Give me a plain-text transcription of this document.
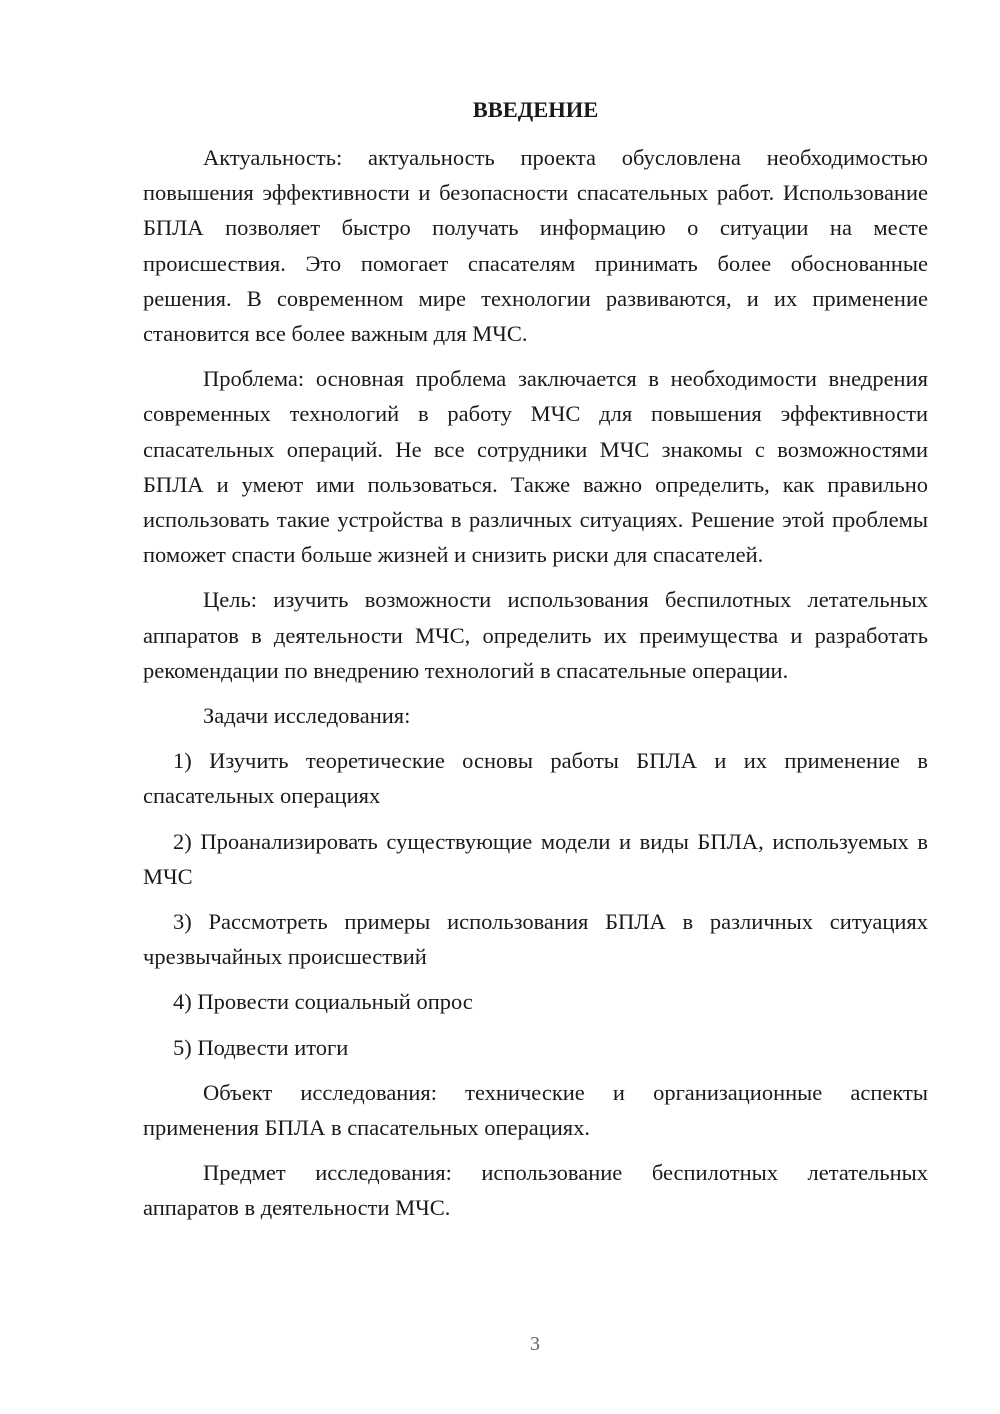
ВВЕДЕНИЕ

Актуальность: актуальность проекта обусловлена необходимостью повышения эффективности и безопасности спасательных работ. Использование БПЛА позволяет быстро получать информацию о ситуации на месте происшествия. Это помогает спасателям принимать более обоснованные решения. В современном мире технологии развиваются, и их применение становится все более важным для МЧС.

Проблема: основная проблема заключается в необходимости внедрения современных технологий в работу МЧС для повышения эффективности спасательных операций. Не все сотрудники МЧС знакомы с возможностями БПЛА и умеют ими пользоваться. Также важно определить, как правильно использовать такие устройства в различных ситуациях. Решение этой проблемы поможет спасти больше жизней и снизить риски для спасателей.

Цель: изучить возможности использования беспилотных летательных аппаратов в деятельности МЧС, определить их преимущества и разработать рекомендации по внедрению технологий в спасательные операции.

Задачи исследования:

1) Изучить теоретические основы работы БПЛА и их применение в спасательных операциях

2) Проанализировать существующие модели и виды БПЛА, используемых в МЧС

3) Рассмотреть примеры использования БПЛА в различных ситуациях чрезвычайных происшествий

4) Провести социальный опрос

5) Подвести итоги

Объект исследования: технические и организационные аспекты применения БПЛА в спасательных операциях.

Предмет исследования: использование беспилотных летательных аппаратов в деятельности МЧС.

3
